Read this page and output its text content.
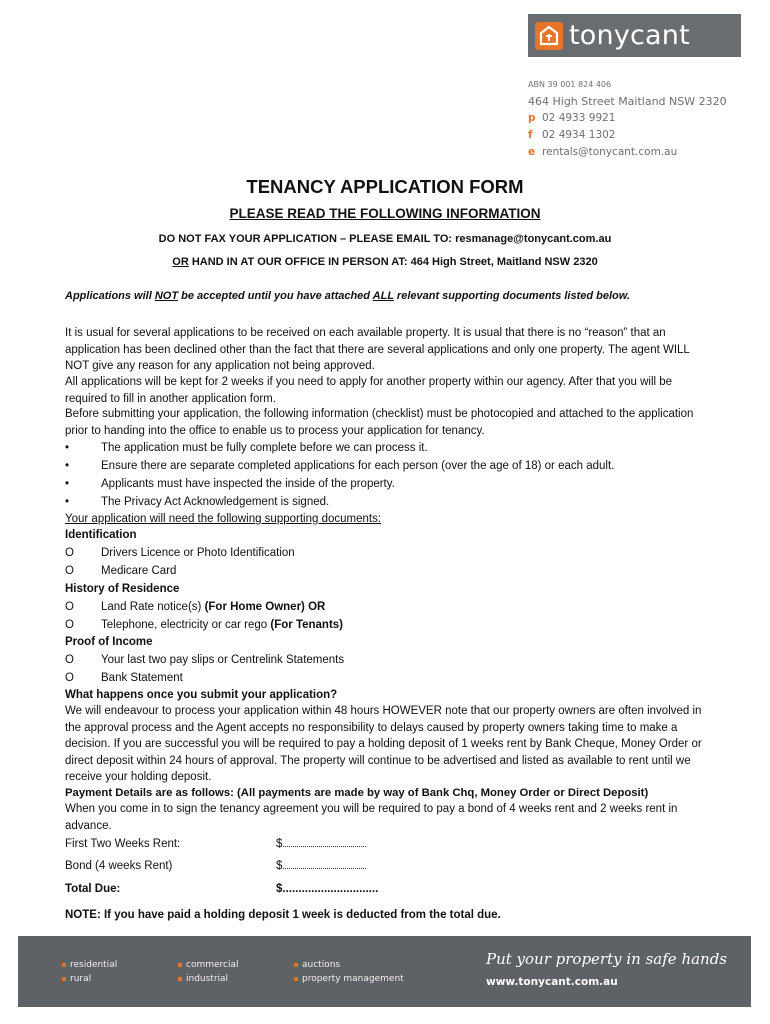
tonycant
ABN 39 001 824 406
464 High Street Maitland NSW 2320
p 02 4933 9921
f 02 4934 1302
e rentals@tonycant.com.au
TENANCY APPLICATION FORM
PLEASE READ THE FOLLOWING INFORMATION
DO NOT FAX YOUR APPLICATION – PLEASE EMAIL TO: resmanage@tonycant.com.au
OR HAND IN AT OUR OFFICE IN PERSON AT: 464 High Street, Maitland NSW 2320
Applications will NOT be accepted until you have attached ALL relevant supporting documents listed below.
It is usual for several applications to be received on each available property. It is usual that there is no “reason” that an application has been declined other than the fact that there are several applications and only one property. The agent WILL NOT give any reason for any application not being approved.
All applications will be kept for 2 weeks if you need to apply for another property within our agency. After that you will be required to fill in another application form.
Before submitting your application, the following information (checklist) must be photocopied and attached to the application prior to handing into the office to enable us to process your application for tenancy.
•	The application must be fully complete before we can process it.
•	Ensure there are separate completed applications for each person (over the age of 18) or each adult.
•	Applicants must have inspected the inside of the property.
•	The Privacy Act Acknowledgement is signed.
Your application will need the following supporting documents:
Identification
O Drivers Licence or Photo Identification
O Medicare Card
History of Residence
O Land Rate notice(s) (For Home Owner) OR
O Telephone, electricity or car rego (For Tenants)
Proof of Income
O Your last two pay slips or Centrelink Statements
O Bank Statement
What happens once you submit your application?
We will endeavour to process your application within 48 hours HOWEVER note that our property owners are often involved in the approval process and the Agent accepts no responsibility to delays caused by property owners taking time to make a decision. If you are successful you will be required to pay a holding deposit of 1 weeks rent by Bank Cheque, Money Order or direct deposit within 24 hours of approval. The property will continue to be advertised and listed as available to rent until we receive your holding deposit.
Payment Details are as follows: (All payments are made by way of Bank Chq, Money Order or Direct Deposit)
When you come in to sign the tenancy agreement you will be required to pay a bond of 4 weeks rent and 2 weeks rent in advance.
First Two Weeks Rent:	$..........................................
Bond (4 weeks Rent)	$..........................................
Total Due:	$..............................
NOTE: If you have paid a holding deposit 1 week is deducted from the total due.
residential
rural
commercial
industrial
auctions
property management
Put your property in safe hands
www.tonycant.com.au
